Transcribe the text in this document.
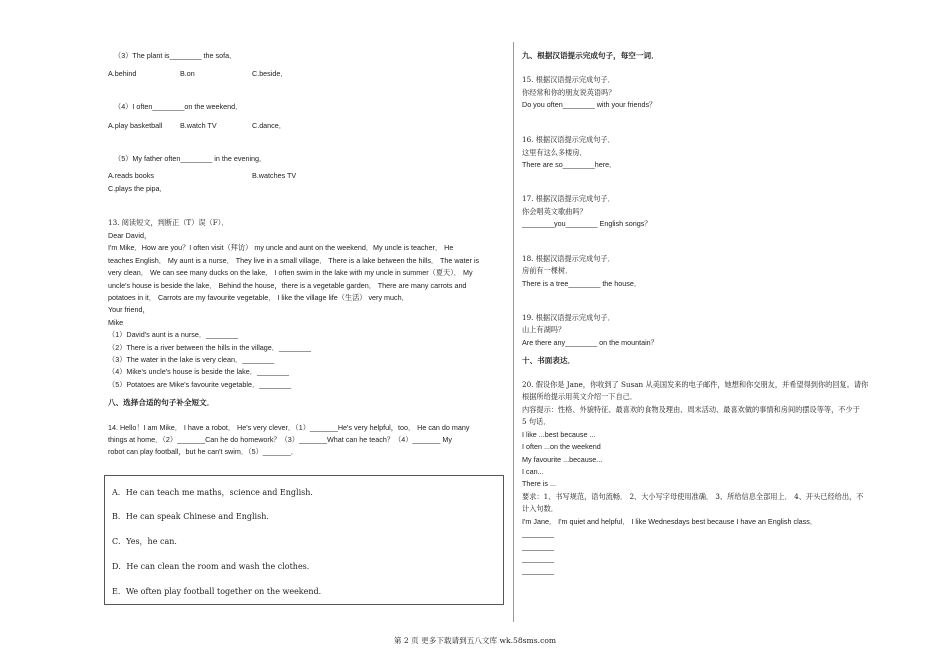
（3）The plant is________ the sofa．
A.behind	B.on	C.beside．
（4）I often________on the weekend．
A.play basketball B.watch TV	C.dance．
（5）My father often________ in the evening．
A.reads books	B.watches TV
C.plays the pipa．
13. 阅读短文，判断正（T）误（F）．
Dear David，
I'm Mike．How are you？I often visit（拜访） my uncle and aunt on the weekend．My uncle is teacher． He
teaches English． My aunt is a nurse． They live in a small village． There is a lake between the hills． The water is
very clean． We can see many ducks on the lake． I often swim in the lake with my uncle in summer（夏天）． My
uncle's house is beside the lake． Behind the house，there is a vegetable garden． There are many carrots and
potatoes in it． Carrots are my favourite vegetable． I like the village life（生活） very much．
Your friend，
Mike
（1）David's aunt is a nurse．________
（2）There is a river between the hills in the village．________
（3）The water in the lake is very clean．________
（4）Mike's uncle's house is beside the lake．________
（5）Potatoes are Mike's favourite vegetable．________
八、选择合适的句子补全短文．
14. Hello！I am Mike． I have a robot． He's very clever．（1）_______He's very helpful，too． He can do many
things at home．（2）_______Can he do homework？（3）_______What can he teach？（4）_______ My
robot can play football，but he can't swim．（5）_______．
A．He can teach me maths，science and English．
B．He can speak Chinese and English．
C．Yes，he can．
D．He can clean the room and wash the clothes．
E．We often play football together on the weekend．
九、根据汉语提示完成句子，每空一词．
15. 根据汉语提示完成句子．
你经常和你的朋友说英语吗？
Do you often________ with your friends？
16. 根据汉语提示完成句子．
这里有这么多楼房．
There are so________here．
17. 根据汉语提示完成句子．
你会唱英文歌曲吗？
________you________ English songs？
18. 根据汉语提示完成句子．
房前有一棵树．
There is a tree________ the house．
19. 根据汉语提示完成句子．
山上有湖吗？
Are there any________ on the mountain？
十、书面表达．
20. 假设你是 Jane，你收到了 Susan 从美国发来的电子邮件，她想和你交朋友，并希望得到你的回复。请你
根据所给提示用英文介绍一下自己．
内容提示：性格、外貌特征、最喜欢的食物及理由、周末活动、最喜欢做的事情和房间的摆设等等，不少于
5 句话．
I like ...best because ...
I often ...on the weekend
My favourite ...because...
I can...
There is ...
要求：1、书写规范，语句流畅． 2、大小写字母使用准确． 3、所给信息全部用上． 4、开头已经给出，不
计入句数．
I'm Jane． I'm quiet and helpful． I like Wednesdays best because I have an English class．
________
________
________
________
第 2 页 更多下载请到五八文库 wk.58sms.com
